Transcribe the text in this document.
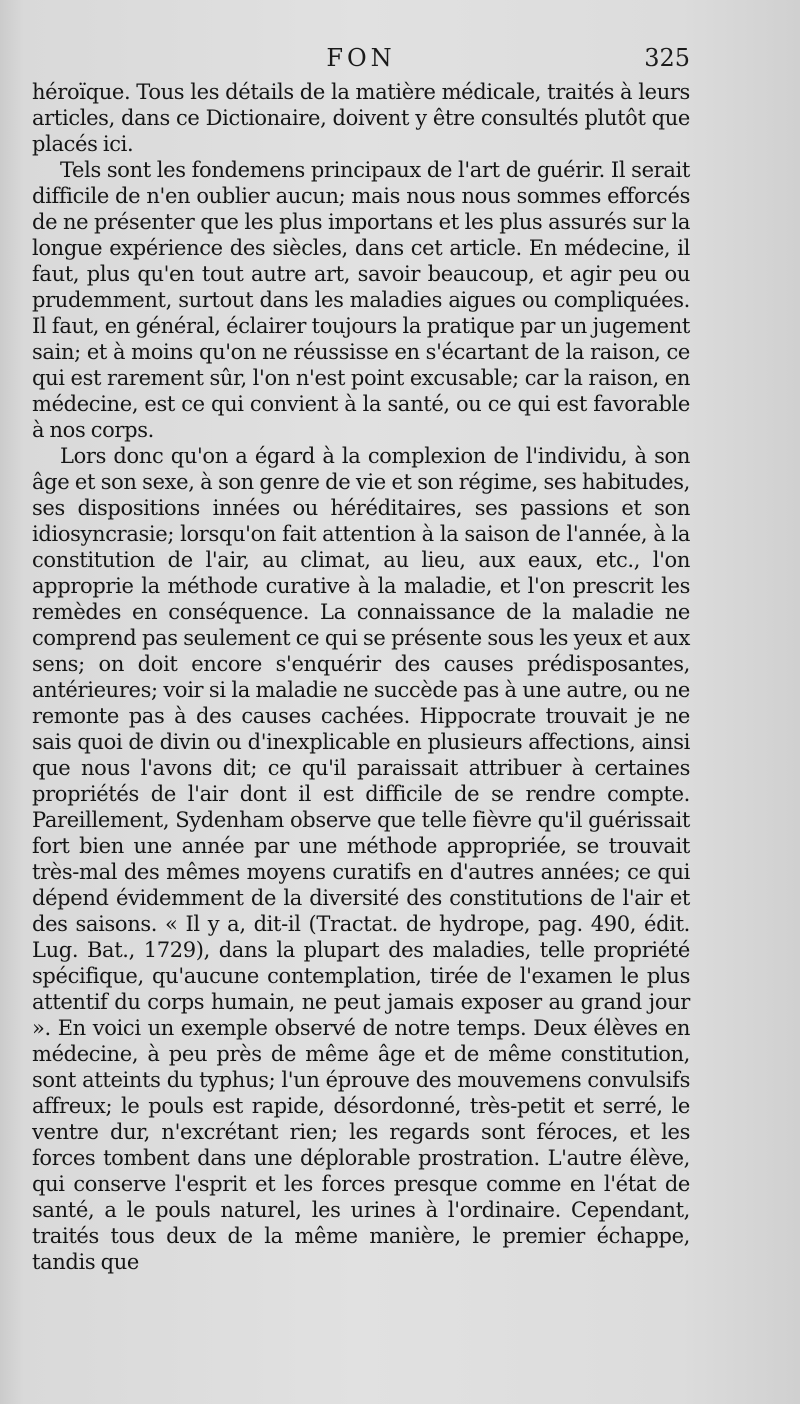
FON	325

héroïque. Tous les détails de la matière médicale, traités à leurs articles, dans ce Dictionaire, doivent y être consultés plutôt que placés ici.

Tels sont les fondemens principaux de l'art de guérir. Il serait difficile de n'en oublier aucun; mais nous nous sommes efforcés de ne présenter que les plus importans et les plus assurés sur la longue expérience des siècles, dans cet article. En médecine, il faut, plus qu'en tout autre art, savoir beaucoup, et agir peu ou prudemment, surtout dans les maladies aigues ou compliquées. Il faut, en général, éclairer toujours la pratique par un jugement sain; et à moins qu'on ne réussisse en s'écartant de la raison, ce qui est rarement sûr, l'on n'est point excusable; car la raison, en médecine, est ce qui convient à la santé, ou ce qui est favorable à nos corps.

Lors donc qu'on a égard à la complexion de l'individu, à son âge et son sexe, à son genre de vie et son régime, ses habitudes, ses dispositions innées ou héréditaires, ses passions et son idiosyncrasie; lorsqu'on fait attention à la saison de l'année, à la constitution de l'air, au climat, au lieu, aux eaux, etc., l'on approprie la méthode curative à la maladie, et l'on prescrit les remèdes en conséquence. La connaissance de la maladie ne comprend pas seulement ce qui se présente sous les yeux et aux sens; on doit encore s'enquérir des causes prédisposantes, antérieures; voir si la maladie ne succède pas à une autre, ou ne remonte pas à des causes cachées. Hippocrate trouvait je ne sais quoi de divin ou d'inexplicable en plusieurs affections, ainsi que nous l'avons dit; ce qu'il paraissait attribuer à certaines propriétés de l'air dont il est difficile de se rendre compte. Pareillement, Sydenham observe que telle fièvre qu'il guérissait fort bien une année par une méthode appropriée, se trouvait très-mal des mêmes moyens curatifs en d'autres années; ce qui dépend évidemment de la diversité des constitutions de l'air et des saisons. « Il y a, dit-il (Tractat. de hydrope, pag. 490, édit. Lug. Bat., 1729), dans la plupart des maladies, telle propriété spécifique, qu'aucune contemplation, tirée de l'examen le plus attentif du corps humain, ne peut jamais exposer au grand jour ». En voici un exemple observé de notre temps. Deux élèves en médecine, à peu près de même âge et de même constitution, sont atteints du typhus; l'un éprouve des mouvemens convulsifs affreux; le pouls est rapide, désordonné, très-petit et serré, le ventre dur, n'excrétant rien; les regards sont féroces, et les forces tombent dans une déplorable prostration. L'autre élève, qui conserve l'esprit et les forces presque comme en l'état de santé, a le pouls naturel, les urines à l'ordinaire. Cependant, traités tous deux de la même manière, le premier échappe, tandis que
